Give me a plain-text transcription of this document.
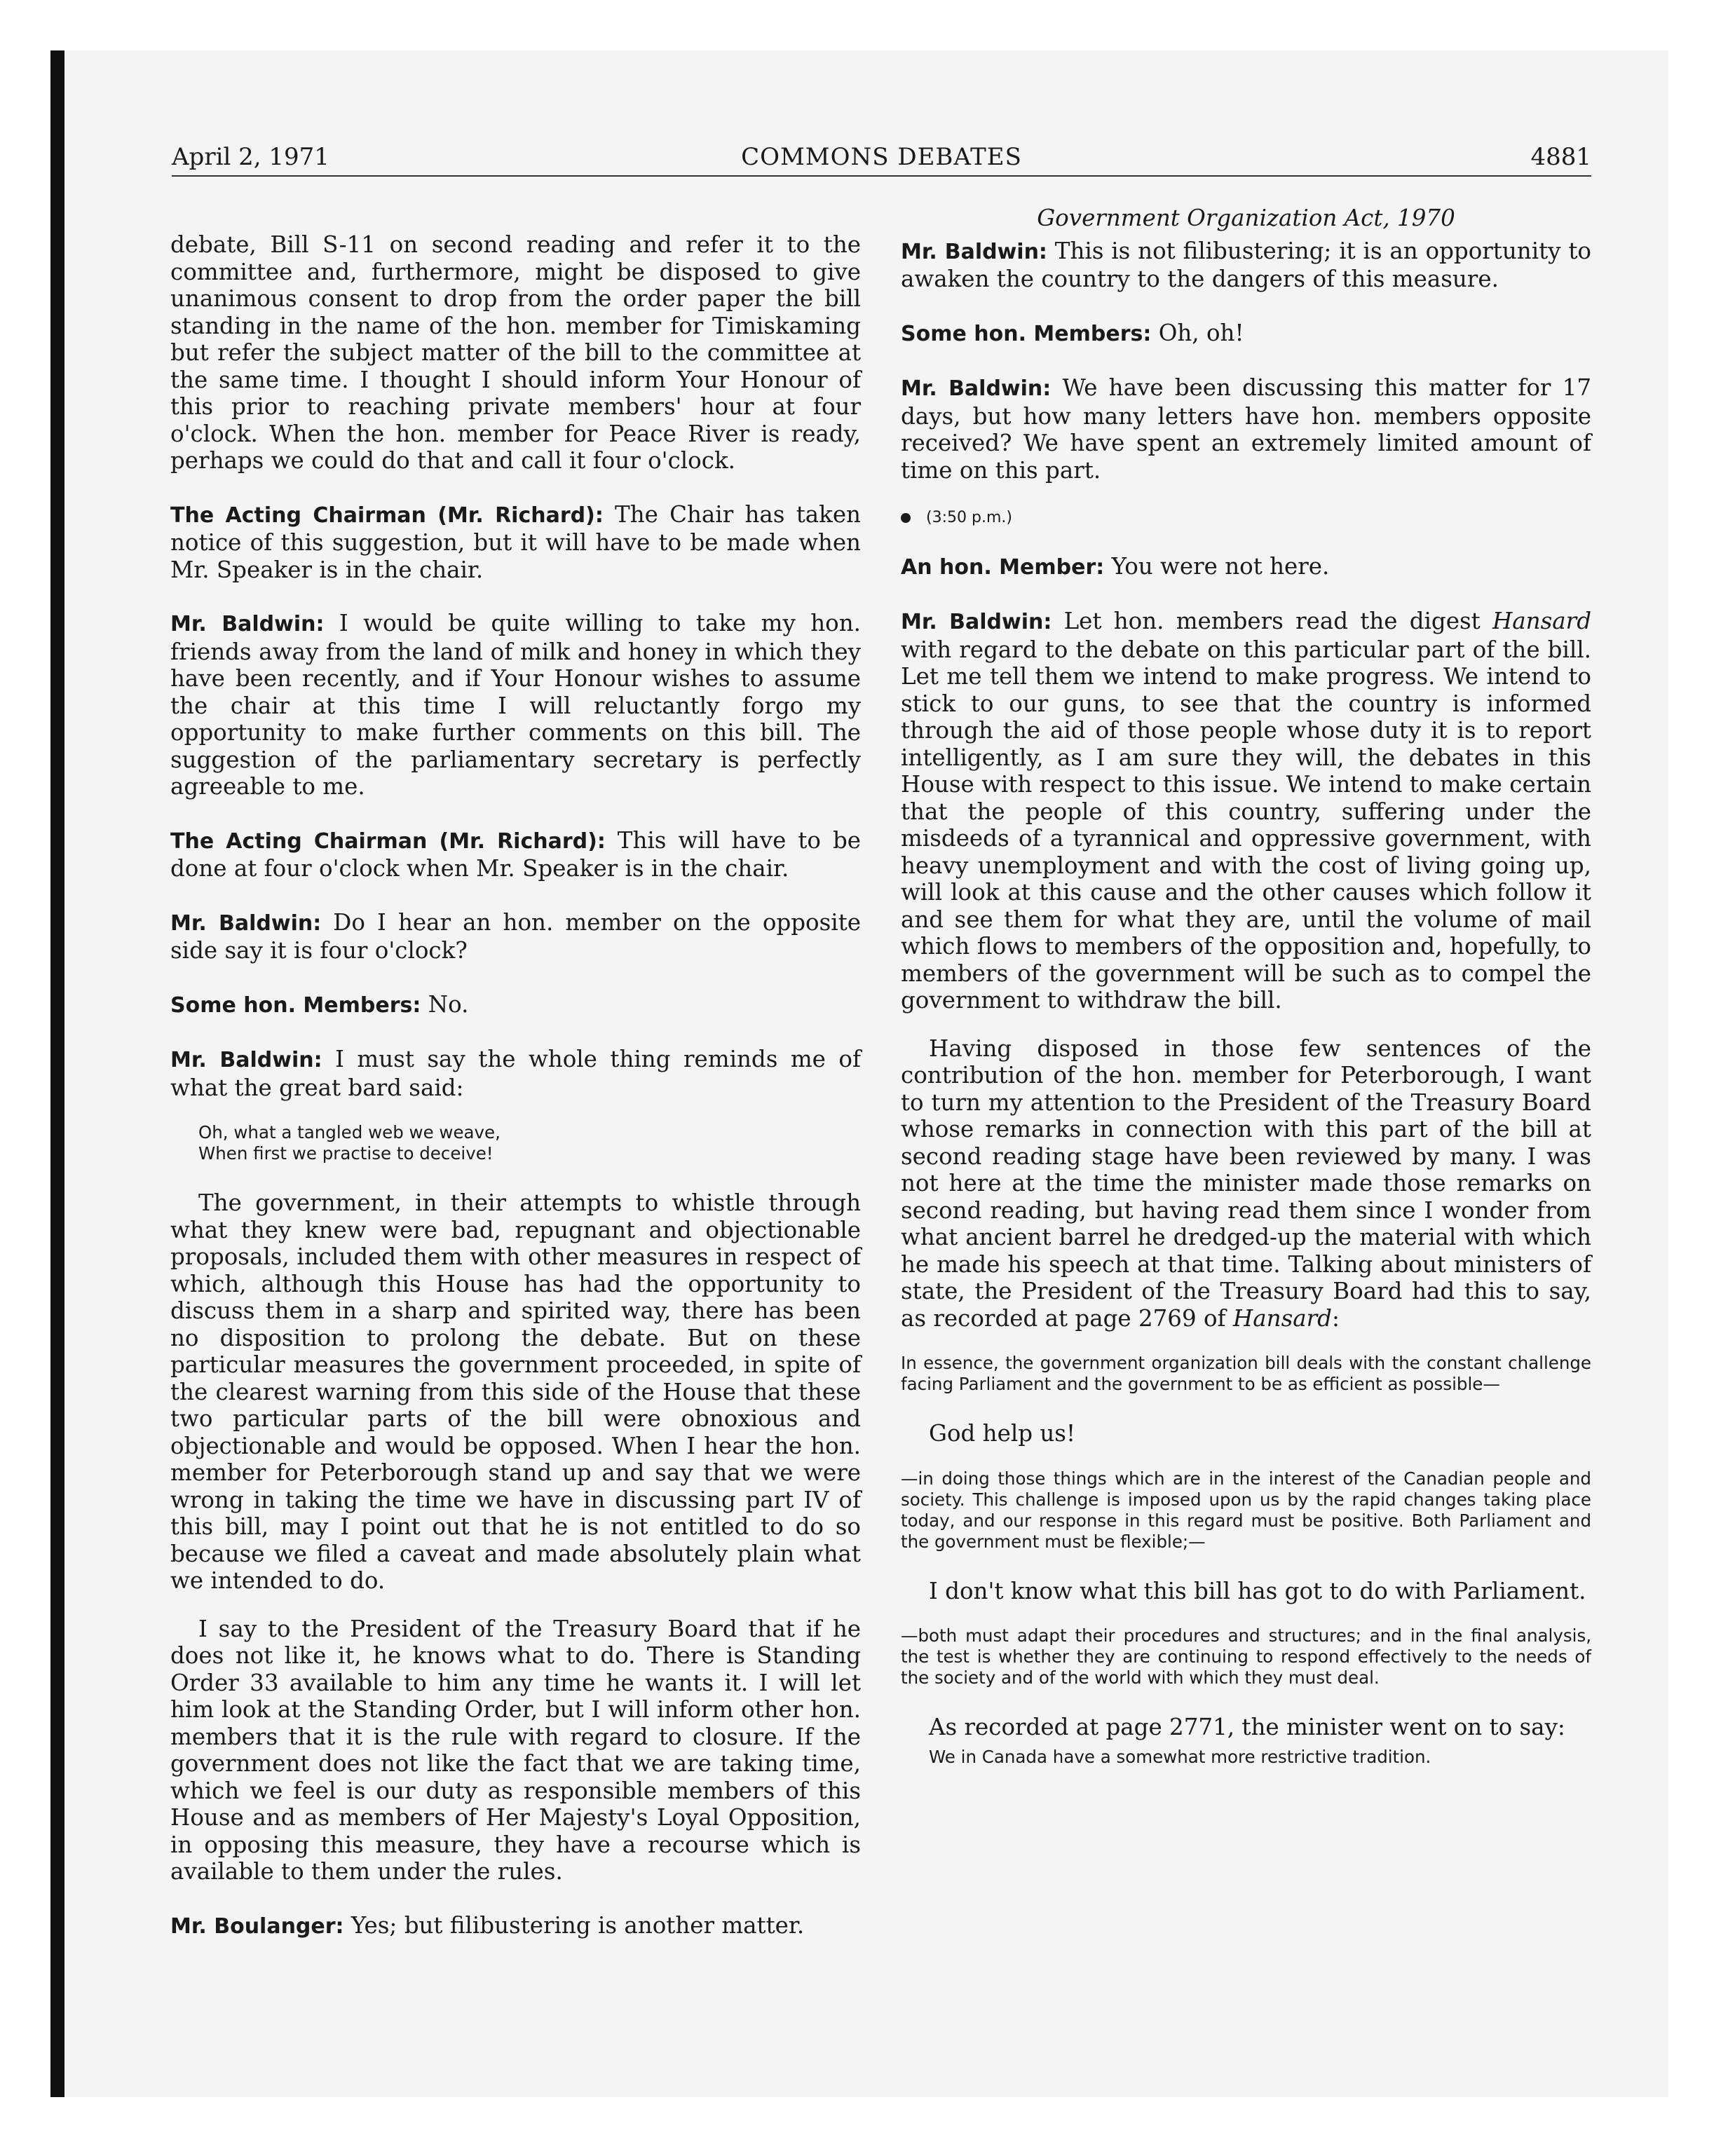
April 2, 1971	COMMONS DEBATES	4881

debate, Bill S-11 on second reading and refer it to the committee and, furthermore, might be disposed to give unanimous consent to drop from the order paper the bill standing in the name of the hon. member for Timiskaming but refer the subject matter of the bill to the committee at the same time. I thought I should inform Your Honour of this prior to reaching private members' hour at four o'clock. When the hon. member for Peace River is ready, perhaps we could do that and call it four o'clock.

The Acting Chairman (Mr. Richard): The Chair has taken notice of this suggestion, but it will have to be made when Mr. Speaker is in the chair.

Mr. Baldwin: I would be quite willing to take my hon. friends away from the land of milk and honey in which they have been recently, and if Your Honour wishes to assume the chair at this time I will reluctantly forgo my opportunity to make further comments on this bill. The suggestion of the parliamentary secretary is perfectly agreeable to me.

The Acting Chairman (Mr. Richard): This will have to be done at four o'clock when Mr. Speaker is in the chair.

Mr. Baldwin: Do I hear an hon. member on the opposite side say it is four o'clock?

Some hon. Members: No.

Mr. Baldwin: I must say the whole thing reminds me of what the great bard said:

Oh, what a tangled web we weave,
When first we practise to deceive!

The government, in their attempts to whistle through what they knew were bad, repugnant and objectionable proposals, included them with other measures in respect of which, although this House has had the opportunity to discuss them in a sharp and spirited way, there has been no disposition to prolong the debate. But on these particular measures the government proceeded, in spite of the clearest warning from this side of the House that these two particular parts of the bill were obnoxious and objectionable and would be opposed. When I hear the hon. member for Peterborough stand up and say that we were wrong in taking the time we have in discussing part IV of this bill, may I point out that he is not entitled to do so because we filed a caveat and made absolutely plain what we intended to do.

I say to the President of the Treasury Board that if he does not like it, he knows what to do. There is Standing Order 33 available to him any time he wants it. I will let him look at the Standing Order, but I will inform other hon. members that it is the rule with regard to closure. If the government does not like the fact that we are taking time, which we feel is our duty as responsible members of this House and as members of Her Majesty's Loyal Opposition, in opposing this measure, they have a recourse which is available to them under the rules.

Mr. Boulanger: Yes; but filibustering is another matter.

Government Organization Act, 1970

Mr. Baldwin: This is not filibustering; it is an opportunity to awaken the country to the dangers of this measure.

Some hon. Members: Oh, oh!

Mr. Baldwin: We have been discussing this matter for 17 days, but how many letters have hon. members opposite received? We have spent an extremely limited amount of time on this part.

(3:50 p.m.)

An hon. Member: You were not here.

Mr. Baldwin: Let hon. members read the digest Hansard with regard to the debate on this particular part of the bill. Let me tell them we intend to make progress. We intend to stick to our guns, to see that the country is informed through the aid of those people whose duty it is to report intelligently, as I am sure they will, the debates in this House with respect to this issue. We intend to make certain that the people of this country, suffering under the misdeeds of a tyrannical and oppressive government, with heavy unemployment and with the cost of living going up, will look at this cause and the other causes which follow it and see them for what they are, until the volume of mail which flows to members of the opposition and, hopefully, to members of the government will be such as to compel the government to withdraw the bill.

Having disposed in those few sentences of the contribution of the hon. member for Peterborough, I want to turn my attention to the President of the Treasury Board whose remarks in connection with this part of the bill at second reading stage have been reviewed by many. I was not here at the time the minister made those remarks on second reading, but having read them since I wonder from what ancient barrel he dredged-up the material with which he made his speech at that time. Talking about ministers of state, the President of the Treasury Board had this to say, as recorded at page 2769 of Hansard:

In essence, the government organization bill deals with the constant challenge facing Parliament and the government to be as efficient as possible—

God help us!

—in doing those things which are in the interest of the Canadian people and society. This challenge is imposed upon us by the rapid changes taking place today, and our response in this regard must be positive. Both Parliament and the government must be flexible;—

I don't know what this bill has got to do with Parliament.

—both must adapt their procedures and structures; and in the final analysis, the test is whether they are continuing to respond effectively to the needs of the society and of the world with which they must deal.

As recorded at page 2771, the minister went on to say:

We in Canada have a somewhat more restrictive tradition.
